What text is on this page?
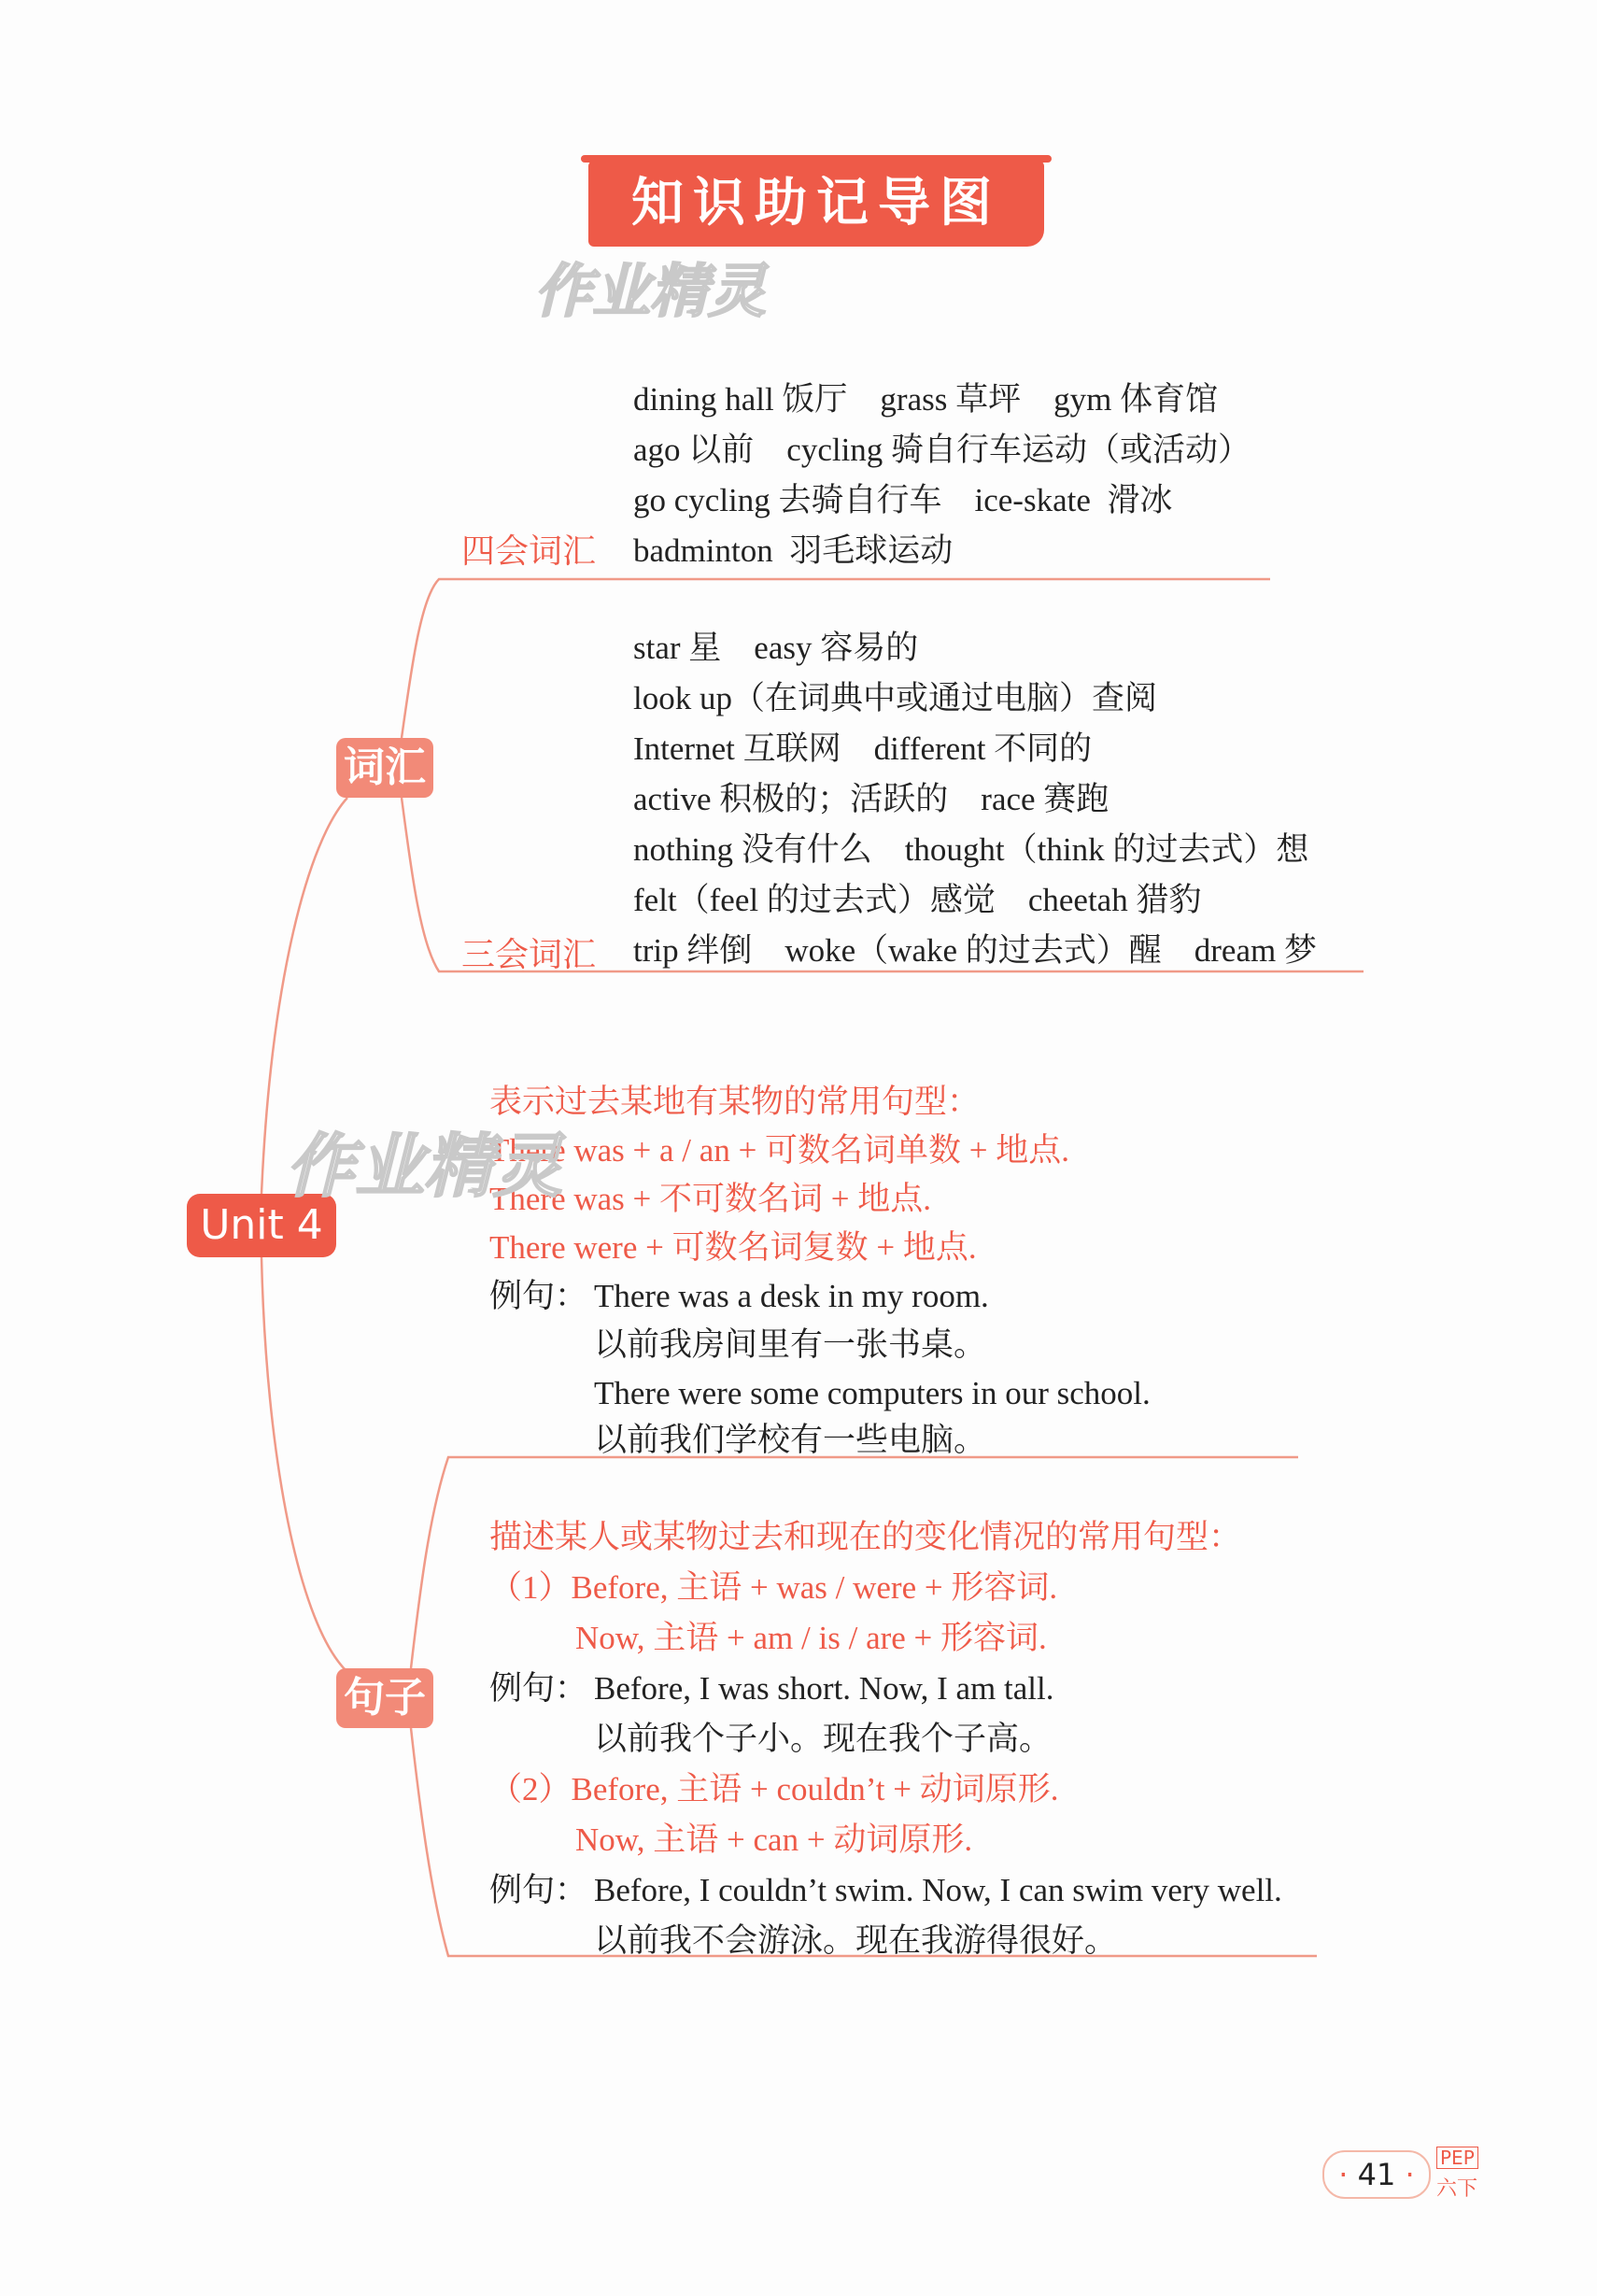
知识助记导图
作业精灵
Unit 4
词汇
句子
四会词汇
三会词汇
dining hall 饭厅    grass 草坪    gym 体育馆
ago 以前    cycling 骑自行车运动（或活动）
go cycling 去骑自行车    ice-skate  滑冰
badminton  羽毛球运动
star 星    easy 容易的
look up（在词典中或通过电脑）查阅
Internet 互联网    different 不同的
active 积极的；活跃的    race 赛跑
nothing 没有什么    thought（think 的过去式）想
felt（feel 的过去式）感觉    cheetah 猎豹
trip 绊倒    woke（wake 的过去式）醒    dream 梦
表示过去某地有某物的常用句型：
There was + a / an + 可数名词单数 + 地点.
There was + 不可数名词 + 地点.
There were + 可数名词复数 + 地点.
例句： There was a desk in my room.
以前我房间里有一张书桌。
There were some computers in our school.
以前我们学校有一些电脑。
作业精灵
描述某人或某物过去和现在的变化情况的常用句型：
（1）Before, 主语 + was / were + 形容词.
Now, 主语 + am / is / are + 形容词.
例句： Before, I was short. Now, I am tall.
以前我个子小。现在我个子高。
（2）Before, 主语 + couldn’t + 动词原形.
Now, 主语 + can + 动词原形.
例句： Before, I couldn’t swim. Now, I can swim very well.
以前我不会游泳。现在我游得很好。
· 41 ·	PEP
六下
